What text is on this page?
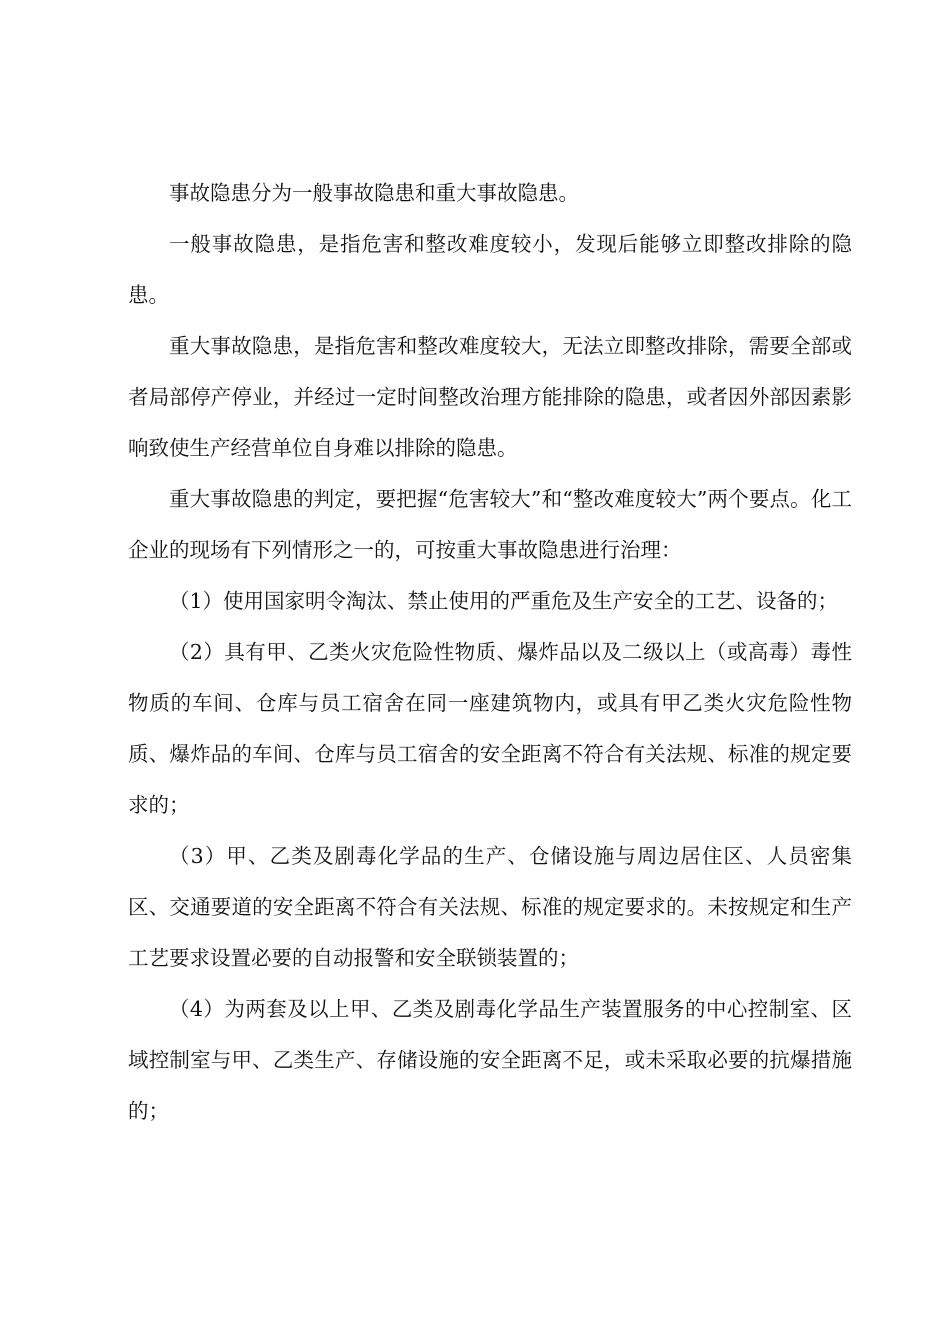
事故隐患分为一般事故隐患和重大事故隐患。

一般事故隐患，是指危害和整改难度较小，发现后能够立即整改排除的隐患。

重大事故隐患，是指危害和整改难度较大，无法立即整改排除，需要全部或者局部停产停业，并经过一定时间整改治理方能排除的隐患，或者因外部因素影响致使生产经营单位自身难以排除的隐患。

重大事故隐患的判定，要把握“危害较大”和“整改难度较大”两个要点。化工企业的现场有下列情形之一的，可按重大事故隐患进行治理：

（1）使用国家明令淘汰、禁止使用的严重危及生产安全的工艺、设备的；

（2）具有甲、乙类火灾危险性物质、爆炸品以及二级以上（或高毒）毒性物质的车间、仓库与员工宿舍在同一座建筑物内，或具有甲乙类火灾危险性物质、爆炸品的车间、仓库与员工宿舍的安全距离不符合有关法规、标准的规定要求的；

（3）甲、乙类及剧毒化学品的生产、仓储设施与周边居住区、人员密集区、交通要道的安全距离不符合有关法规、标准的规定要求的。未按规定和生产工艺要求设置必要的自动报警和安全联锁装置的；

（4）为两套及以上甲、乙类及剧毒化学品生产装置服务的中心控制室、区域控制室与甲、乙类生产、存储设施的安全距离不足，或未采取必要的抗爆措施的；
